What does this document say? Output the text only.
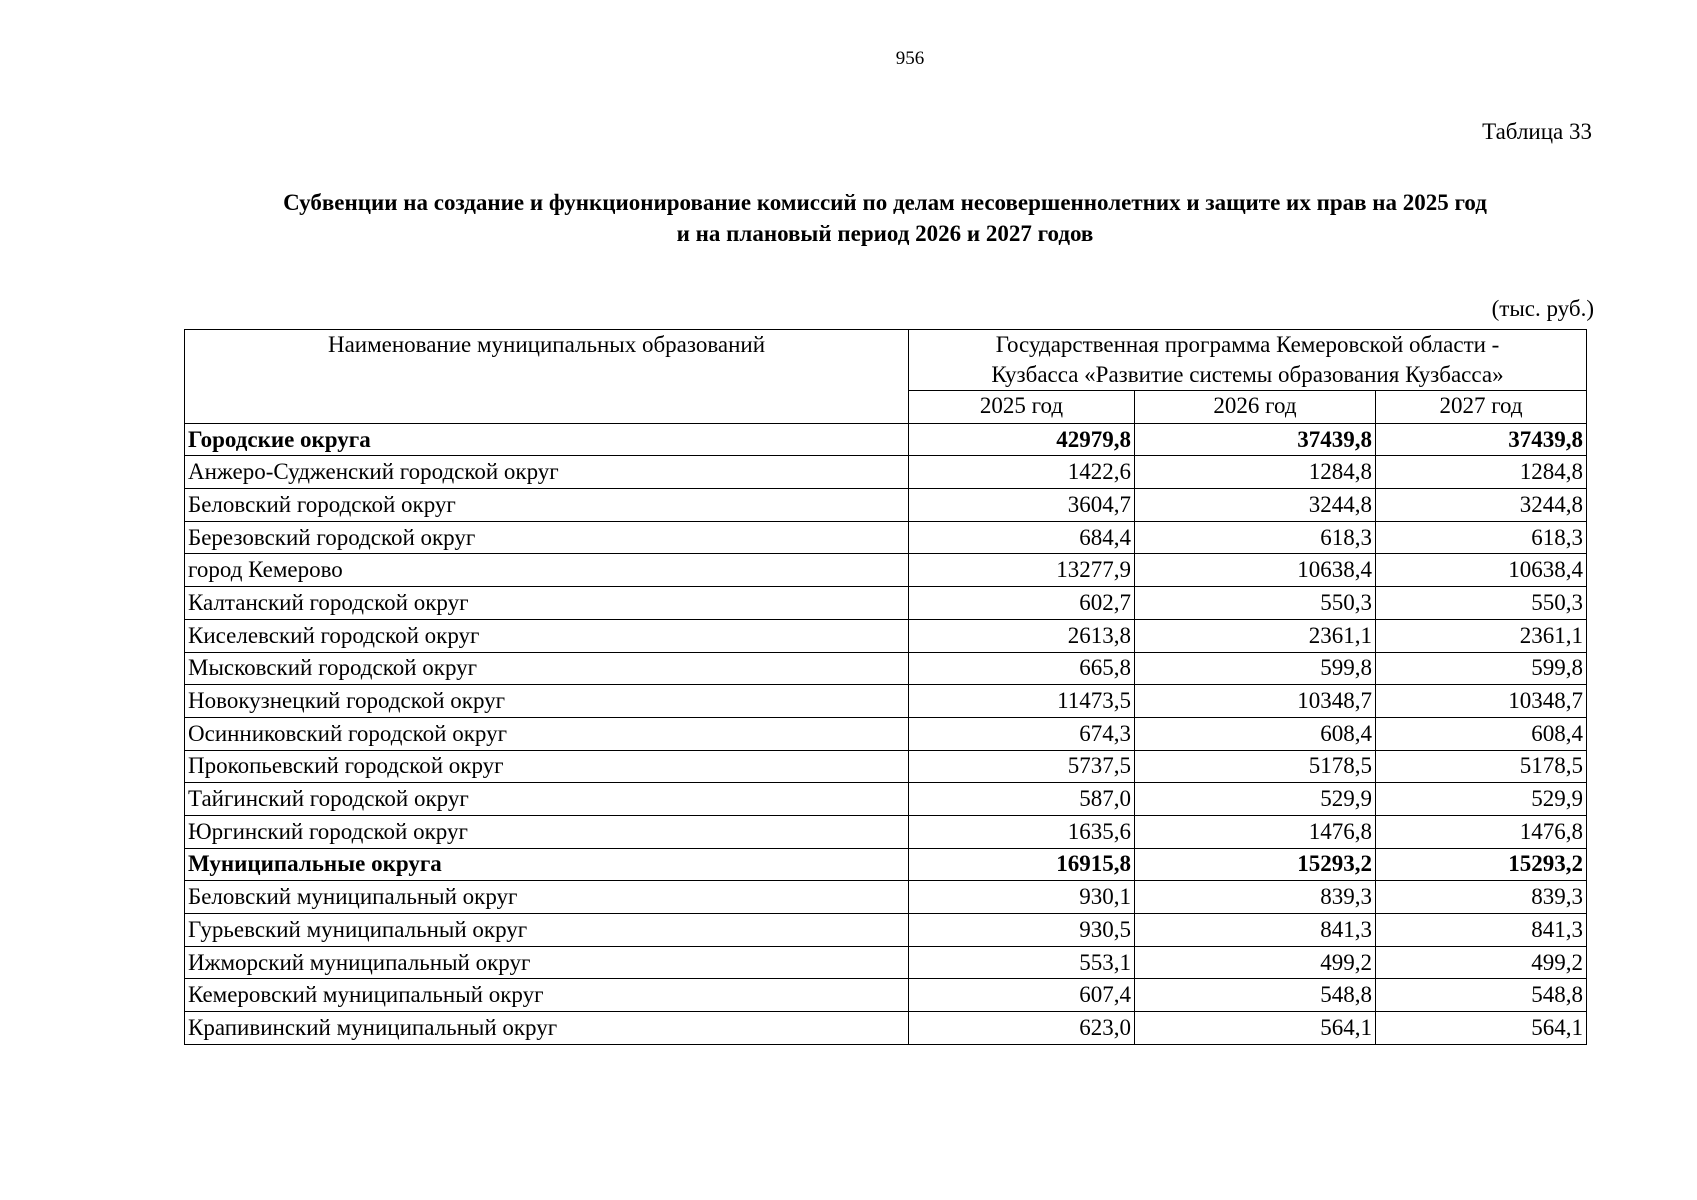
956
Таблица 33
Субвенции на создание и функционирование комиссий по делам несовершеннолетних и защите их прав на 2025 год
и на плановый период 2026 и 2027 годов
(тыс. руб.)
Наименование муниципальных образований	Государственная программа Кемеровской области -
Кузбасса «Развитие системы образования Кузбасса»		

	2025 год	2026 год	2027 год
Городские округа	42979,8	37439,8	37439,8
Анжеро-Судженский городской округ	1422,6	1284,8	1284,8
Беловский городской округ	3604,7	3244,8	3244,8
Березовский городской округ	684,4	618,3	618,3
город Кемерово	13277,9	10638,4	10638,4
Калтанский городской округ	602,7	550,3	550,3
Киселевский городской округ	2613,8	2361,1	2361,1
Мысковский городской округ	665,8	599,8	599,8
Новокузнецкий городской округ	11473,5	10348,7	10348,7
Осинниковский городской округ	674,3	608,4	608,4
Прокопьевский городской округ	5737,5	5178,5	5178,5
Тайгинский городской округ	587,0	529,9	529,9
Юргинский городской округ	1635,6	1476,8	1476,8
Муниципальные округа	16915,8	15293,2	15293,2
Беловский муниципальный округ	930,1	839,3	839,3
Гурьевский муниципальный округ	930,5	841,3	841,3
Ижморский муниципальный округ	553,1	499,2	499,2
Кемеровский муниципальный округ	607,4	548,8	548,8
Крапивинский муниципальный округ	623,0	564,1	564,1
